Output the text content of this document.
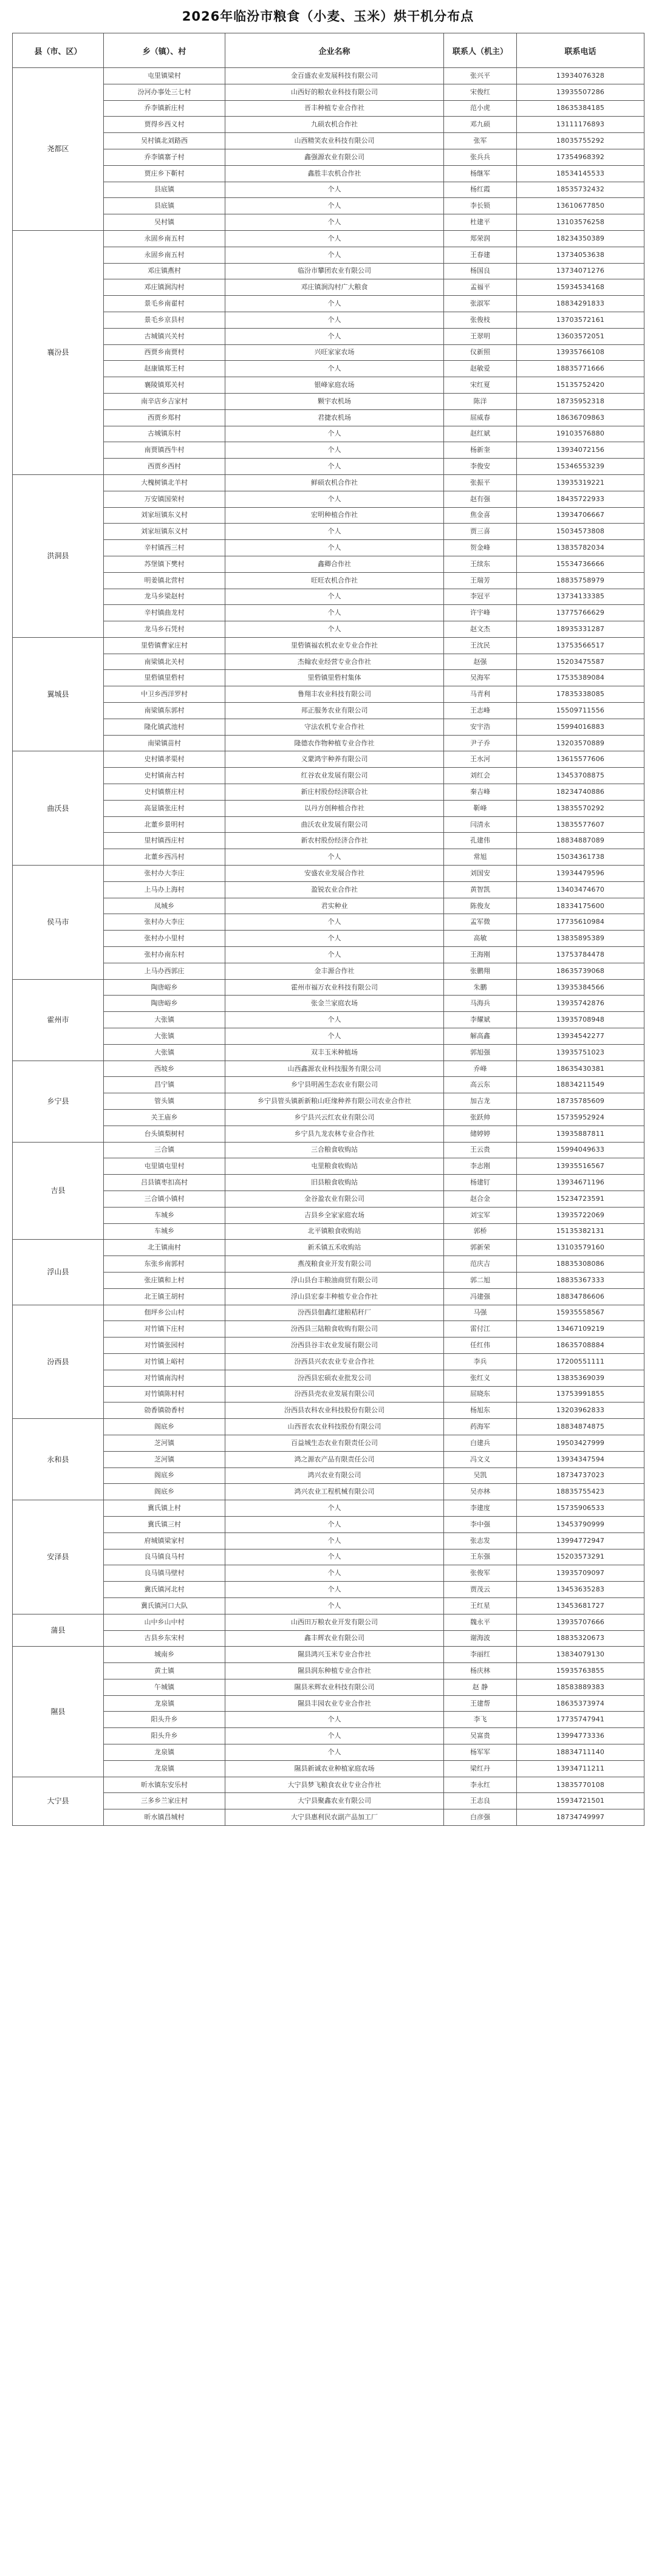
2026年临汾市粮食（小麦、玉米）烘干机分布点
县（市、区）	乡（镇）、村	企业名称	联系人（机主）	联系电话
尧都区	屯里镇梁村	金百盛农业发展科技有限公司	张兴平	13934076328
	汾河办事处三七村	山西好的粮农业科技有限公司	宋俊红	13935507286
	乔李镇新庄村	晋丰种植专业合作社	范小虎	18635384185
	贾得乡西义村	九硕农机合作社	邓九硕	13111176893
	吴村镇北刘路西	山西精笑农业科技有限公司	张军	18035755292
	乔李镇寨子村	鑫强源农业有限公司	张兵兵	17354968392
	贾庄乡下靳村	鑫胜丰农机合作社	杨继军	18534145533
	县底镇	个人	杨红霞	18535732432
	县底镇	个人	李长锁	13610677850
	吴村镇	个人	杜建平	13103576258
襄汾县	永固乡南五村	个人	郑荣润	18234350389
	永固乡南五村	个人	王春建	13734053638
	邓庄镇燕村	临汾市攀团农业有限公司	杨国良	13734071276
	邓庄镇涧沟村	邓庄镇涧沟村广大粮食	孟福平	15934534168
	景毛乡南翟村	个人	张淑军	18834291833
	景毛乡京县村	个人	张俊枝	13703572161
	古城镇兴关村	个人	王翠明	13603572051
	西贾乡南贾村	兴旺家家农场	仪新照	13935766108
	赵康镇郑王村	个人	赵敏爱	18835771666
	襄陵镇郑关村	银峰家庭农场	宋红夏	15135752420
	南辛店乡吉家村	颗宇农机场	陈洋	18735952318
	西贾乡郑村	君捷农机场	屈威春	18636709863
	古城镇东村	个人	赵红斌	19103576880
	南贾镇西牛村	个人	杨新奎	13934072156
	西贾乡西村	个人	李俊安	15346553239
洪洞县	大槐树镇北羊村	鲜硕农机合作社	张振平	13935319221
	万安镇国荣村	个人	赵有强	18435722933
	刘家垣镇东义村	宏明种植合作社	焦金喜	13934706667
	刘家垣镇东义村	个人	贾三喜	15034573808
	辛村镇西三村	个人	贺金峰	13835782034
	苏堡镇下樊村	鑫卿合作社	王续东	15534736666
	明姜镇北营村	旺旺农机合作社	王瑞芳	18835758979
	龙马乡梁赵村	个人	李冠平	13734133385
	辛村镇曲龙村	个人	许宇峰	13775766629
	龙马乡石凭村	个人	赵文杰	18935331287
翼城县	里砦镇曹家庄村	里砦镇福农机农业专业合作社	王沈民	13753566517
	南梁镇北关村	杰翰农业经营专业合作社	赵强	15203475587
	里砦镇里砦村	里砦镇里砦村集体	吴海军	17535389084
	中卫乡西洋罗村	鲁翔丰农业科技有限公司	马青利	17835338085
	南梁镇东郭村	邦正服务农业有限公司	王志峰	15509711556
	隆化镇武池村	守法农机专业合作社	安宇浩	15994016883
	南梁镇苗村	隆德农作物种植专业合作社	尹子乔	13203570889
曲沃县	史村镇孝渠村	义蒙鸿宇种养有限公司	王水河	13615577606
	史村镇南古村	红谷农业发展有限公司	刘红会	13453708875
	史村镇蔡庄村	新庄村股份经济联合社	秦吉峰	18234740886
	高显镇张庄村	以丹方创种植合作社	靳峰	13835570292
	北董乡景明村	曲沃农业发展有限公司	闫清永	13835577607
	里村镇西庄村	新农村股份经济合作社	孔建伟	18834887089
	北董乡西冯村	个人	常旭	15034361738
侯马市	张村办大李庄	安盛农业发展合作社	刘国安	13934479596
	上马办上海村	盈锐农业合作社	黄智凯	13403474670
	凤城乡	君实种业	陈俊友	18334175600
	张村办大李庄	个人	孟军微	17735610984
	张村办小里村	个人	高敏	13835895389
	张村办南东村	个人	王海刚	13753784478
	上马办西郭庄	金丰源合作社	张鹏翔	18635739068
霍州市	陶唐峪乡	霍州市福万农业科技有限公司	朱鹏	13935384566
	陶唐峪乡	张金兰家庭农场	马海兵	13935742876
	大张镇	个人	李耀斌	13935708948
	大张镇	个人	解高鑫	13934542277
	大张镇	双丰玉米种植场	郭旭强	13935751023
乡宁县	西坡乡	山西鑫源农业科技服务有限公司	乔峰	18635430381
	昌宁镇	乡宁县明茜生态农业有限公司	高云东	18834211549
	管头镇	乡宁县管头镇新新粮山旺缘种养有限公司农业合作社	加吉龙	18735785609
	关王庙乡	乡宁县兴云红农业有限公司	张跃帅	15735952924
	台头镇梨树村	乡宁县九龙农林专业合作社	储婷婷	13935887811
吉县	三合镇	三合粮食收购站	王云贵	15994049633
	屯里镇屯里村	屯里粮食收购站	李志刚	13935516567
	吕县镇枣扣高村	旧县粮食收购站	杨建钉	13934671196
	三合镇小镇村	金谷盈农业有限公司	赵合金	15234723591
	车城乡	吉县乡全家家庭农场	刘宝军	13935722069
	车城乡	北平镇粮食收购站	郭桥	15135382131
浮山县	北王镇南村	新禾镇五禾收购站	郭新荣	13103579160
	东张乡南郭村	燕茂粮食业开发有限公司	范庆吉	18835308086
	张庄镇和上村	浮山县台丰粮油商贸有限公司	郭二旭	18835367333
	北王镇王胡村	浮山县宏泰丰种植专业合作社	冯建强	18834786606
汾西县	佃坪乡公山村	汾西县佃鑫红建粮秸秆厂	马强	15935558567
	对竹镇下庄村	汾西县三陆粮食收购有限公司	雷付江	13467109219
	对竹镇张园村	汾西县谷丰农业发展有限公司	任红伟	18635708884
	对竹镇上峪村	汾西县兴农农业专业合作社	李兵	17200551111
	对竹镇南沟村	汾西县宏硕农业批发公司	张红义	13835369039
	对竹镇陈村村	汾西县壳农业发展有限公司	屈晓东	13753991855
	勍香镇勍香村	汾西县农科农业科技股份有限公司	杨旭东	13203962833
永和县	阁底乡	山西晋农农业科技股份有限公司	药海军	18834874875
	芝河镇	百益城生态农业有限责任公司	白建兵	19503427999
	芝河镇	鸿之源农产品有限责任公司	冯文义	13934347594
	阁底乡	鸿兴农业有限公司	吴凯	18734737023
	阁底乡	鸿兴农业工程机械有限公司	吴亦林	18835755423
安泽县	冀氏镇上村	个人	李建度	15735906533
	冀氏镇三村	个人	李中强	13453790999
	府城镇梁家村	个人	张志发	13994772947
	良马镇良马村	个人	王东强	15203573291
	良马镇马壁村	个人	张俊军	13935709097
	冀氏镇河北村	个人	贾茂云	13453635283
	冀氏镇河口大队	个人	王红星	13453681727
蒲县	山中乡山中村	山西田万粮农业开发有限公司	魏永平	13935707666
	古县乡东宋村	鑫丰辉农业有限公司	谢海波	18835320673
隰县	城南乡	隰县鸿兴玉米专业合作社	李丽红	13834079130
	黄土镇	隰县润东种植专业合作社	杨庆林	15935763855
	午城镇	隰县米辉农业科技有限公司	赵 静	18583889383
	龙泉镇	隰县丰园农业专业合作社	王建帮	18635373974
	阳头升乡	个人	李飞	17735747941
	阳头升乡	个人	吴富贵	13994773336
	龙泉镇	个人	杨军军	18834711140
	龙泉镇	隰县新诚农业种植家庭农场	梁红丹	13934711211
大宁县	昕水镇东安乐村	大宁县梦飞粮食农业专业合作社	李永红	13835770108
	三多乡兰家庄村	大宁县聚鑫农业有限公司	王志良	15934721501
	昕水镇昌城村	大宁县惠利民农副产品加工厂	白彦强	18734749997
